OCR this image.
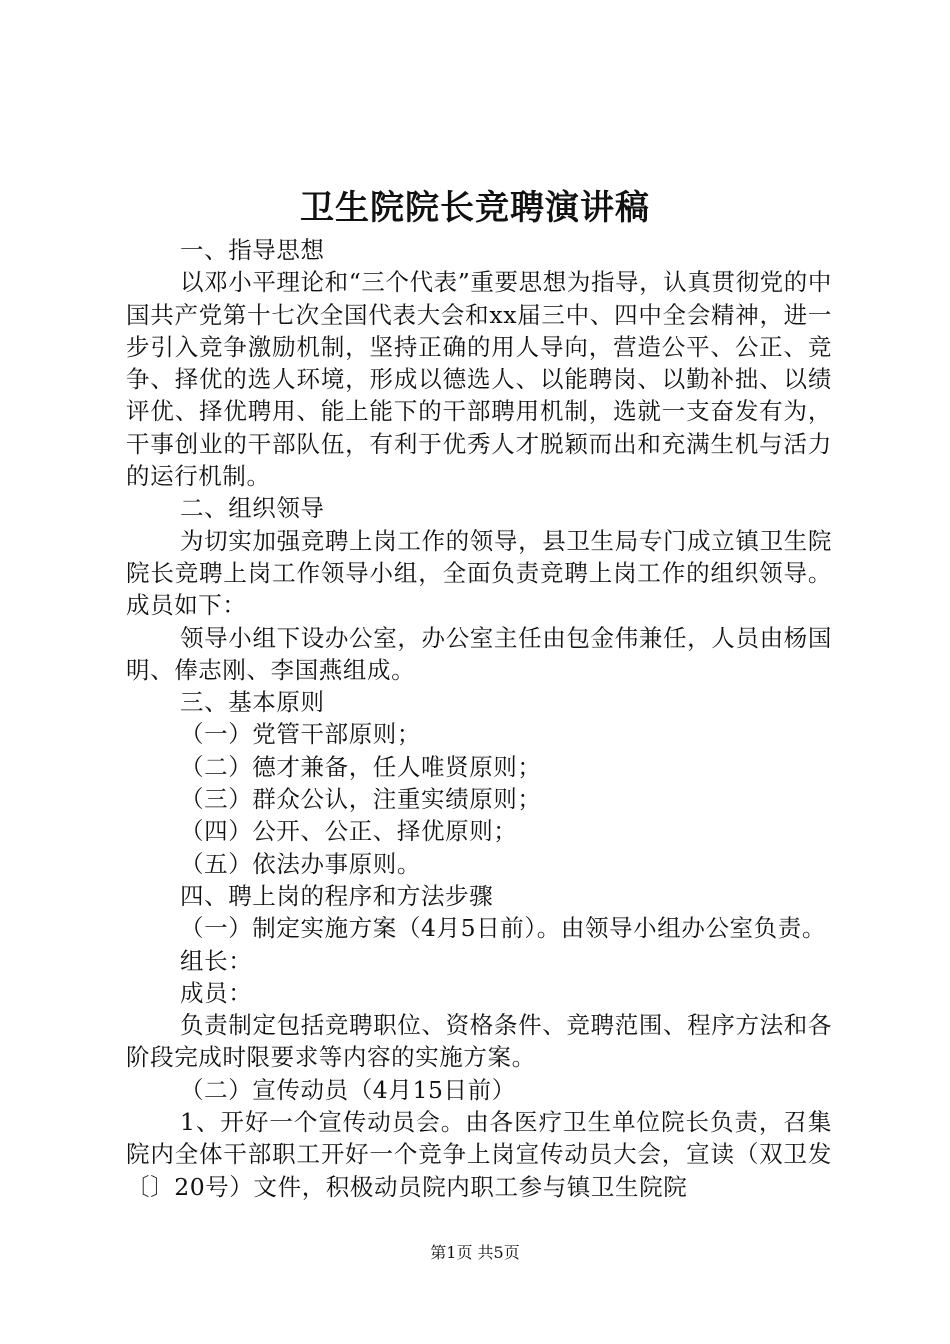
卫生院院长竞聘演讲稿

一、指导思想

以邓小平理论和“三个代表”重要思想为指导，认真贯彻党的中国共产党第十七次全国代表大会和xx届三中、四中全会精神，进一步引入竞争激励机制，坚持正确的用人导向，营造公平、公正、竞争、择优的选人环境，形成以德选人、以能聘岗、以勤补拙、以绩评优、择优聘用、能上能下的干部聘用机制，选就一支奋发有为，干事创业的干部队伍，有利于优秀人才脱颖而出和充满生机与活力的运行机制。

二、组织领导

为切实加强竞聘上岗工作的领导，县卫生局专门成立镇卫生院院长竞聘上岗工作领导小组，全面负责竞聘上岗工作的组织领导。成员如下：

领导小组下设办公室，办公室主任由包金伟兼任，人员由杨国明、俸志刚、李国燕组成。

三、基本原则

（一）党管干部原则；

（二）德才兼备，任人唯贤原则；

（三）群众公认，注重实绩原则；

（四）公开、公正、择优原则；

（五）依法办事原则。

四、聘上岗的程序和方法步骤

（一）制定实施方案（4月5日前）。由领导小组办公室负责。

组长：

成员：

负责制定包括竞聘职位、资格条件、竞聘范围、程序方法和各阶段完成时限要求等内容的实施方案。

（二）宣传动员（4月15日前）

1、开好一个宣传动员会。由各医疗卫生单位院长负责，召集院内全体干部职工开好一个竞争上岗宣传动员大会，宣读（双卫发〔〕20号）文件，积极动员院内职工参与镇卫生院院

第1页 共5页
